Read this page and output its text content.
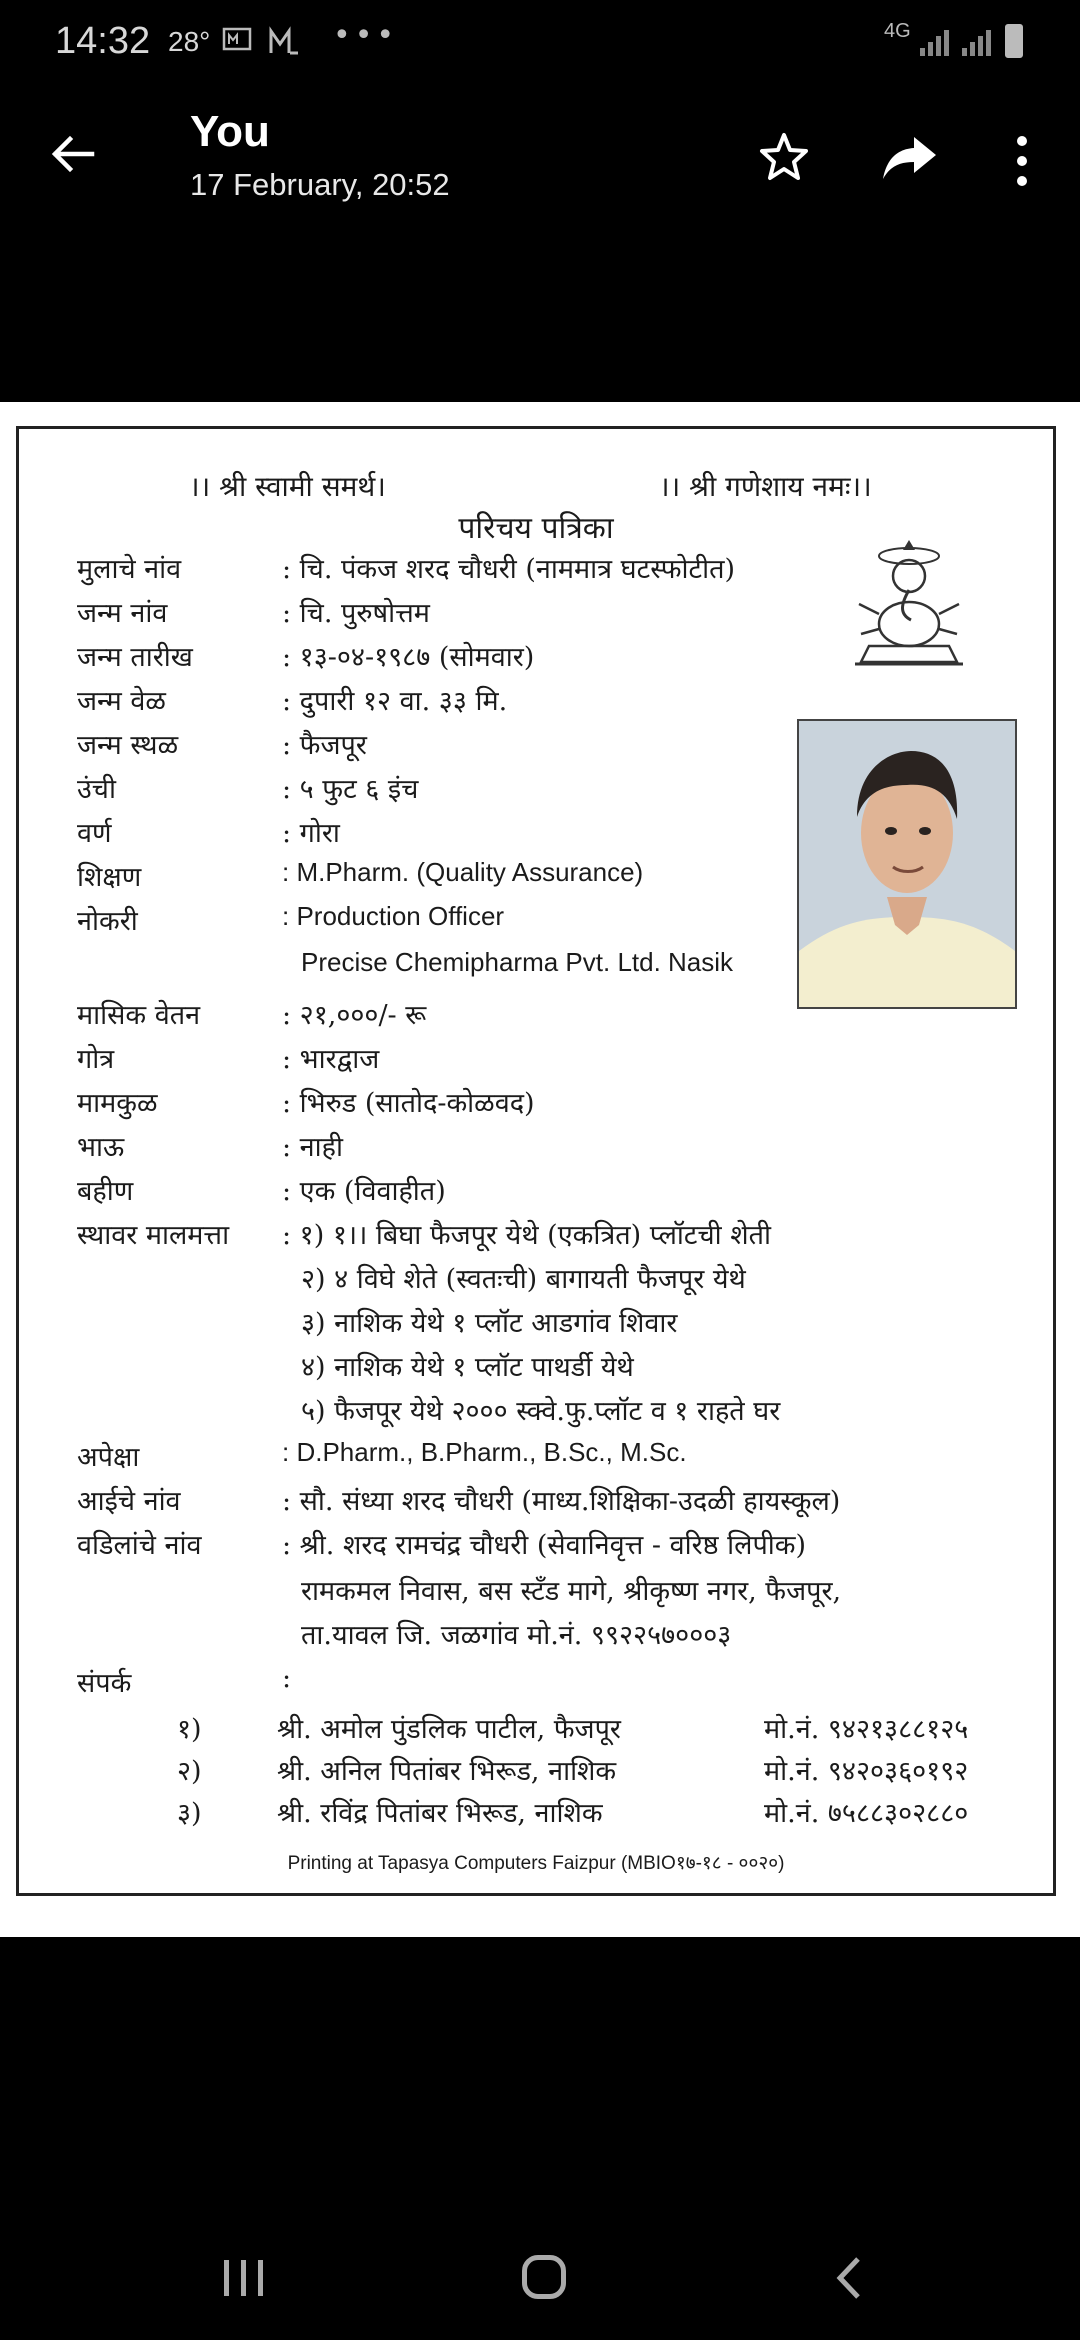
14:32 28°	•••	4G
You
17 February, 20:52
।। श्री स्वामी समर्थ।	।। श्री गणेशाय नमः।।
परिचय पत्रिका
मुलाचे नांव	: चि. पंकज शरद चौधरी (नाममात्र घटस्फोटीत)
जन्म नांव	: चि. पुरुषोत्तम
जन्म तारीख	: १३-०४-१९८७ (सोमवार)
जन्म वेळ	: दुपारी १२ वा. ३३ मि.
जन्म स्थळ	: फैजपूर
उंची	: ५ फुट ६ इंच
वर्ण	: गोरा
शिक्षण	: M.Pharm. (Quality Assurance)
नोकरी	: Production Officer
Precise Chemipharma Pvt. Ltd. Nasik
मासिक वेतन	: २१,०००/- रू
गोत्र	: भारद्वाज
मामकुळ	: भिरुड (सातोद-कोळवद)
भाऊ	: नाही
बहीण	: एक (विवाहीत)
स्थावर मालमत्ता : १) १।। बिघा फैजपूर येथे (एकत्रित) प्लॉटची शेती
२) ४ विघे शेते (स्वतःची) बागायती फैजपूर येथे
३) नाशिक येथे १ प्लॉट आडगांव शिवार
४) नाशिक येथे १ प्लॉट पाथर्डी येथे
५) फैजपूर येथे २००० स्क्वे.फु.प्लॉट व १ राहते घर
अपेक्षा	: D.Pharm., B.Pharm., B.Sc., M.Sc.
आईचे नांव	: सौ. संध्या शरद चौधरी (माध्य.शिक्षिका-उदळी हायस्कूल)
वडिलांचे नांव	: श्री. शरद रामचंद्र चौधरी (सेवानिवृत्त - वरिष्ठ लिपीक)
रामकमल निवास, बस स्टँड मागे, श्रीकृष्ण नगर, फैजपूर,
ता.यावल जि. जळगांव मो.नं. ९९२२५७०००३
संपर्क	:
१)	श्री. अमोल पुंडलिक पाटील, फैजपूर	मो.नं. ९४२१३८८१२५
२)	श्री. अनिल पितांबर भिरूड, नाशिक	मो.नं. ९४२०३६०१९२
३)	श्री. रविंद्र पितांबर भिरूड, नाशिक	मो.नं. ७५८८३०२८८०
Printing at Tapasya Computers Faizpur (MBIO१७-१८ - ००२०)
